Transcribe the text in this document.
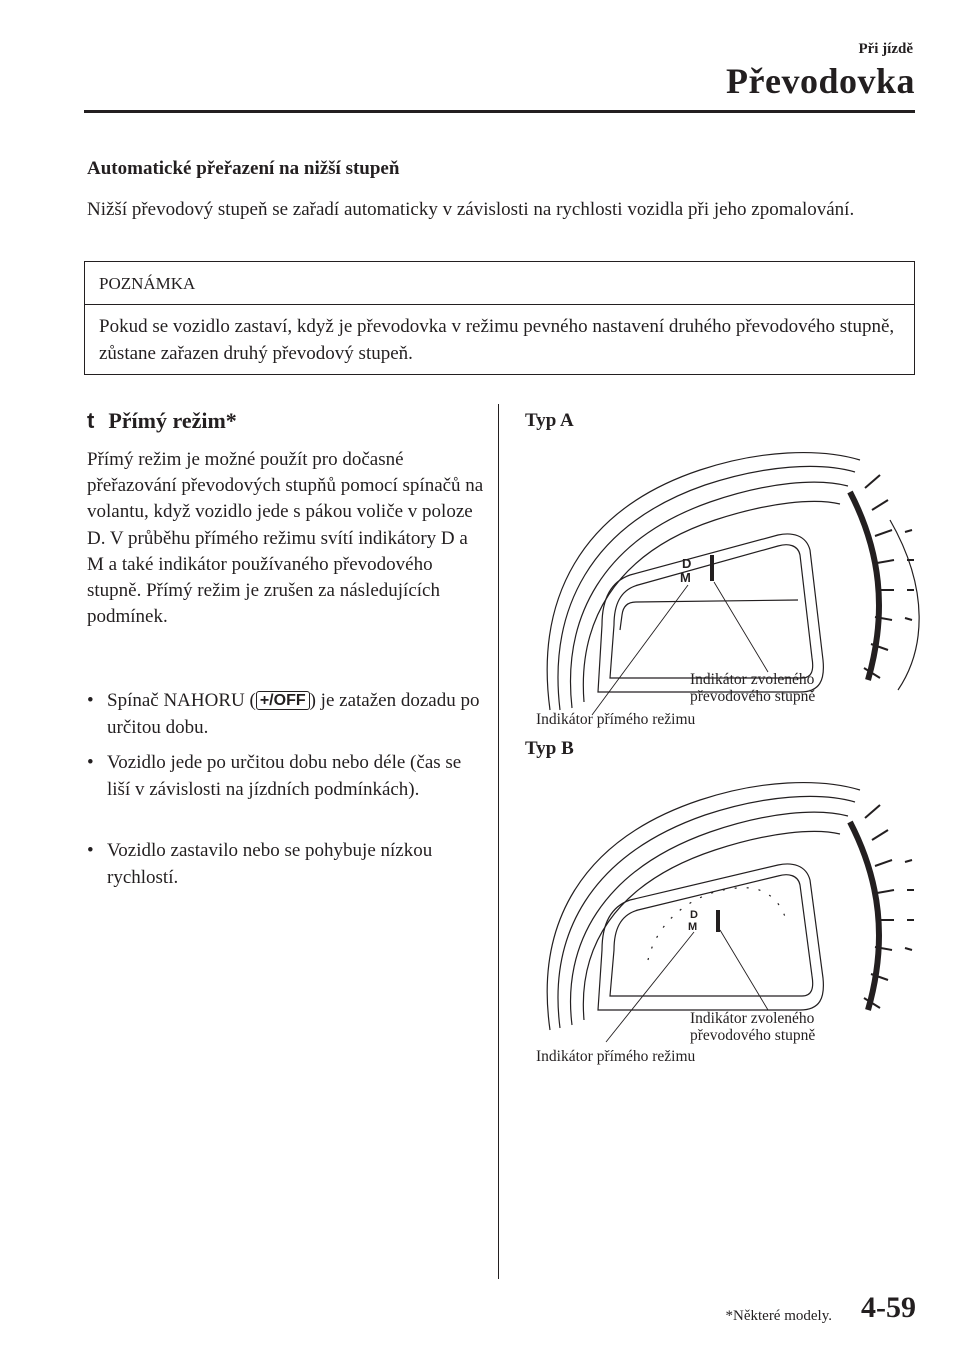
Při jízdě
Převodovka
Automatické přeřazení na nižší stupeň
Nižší převodový stupeň se zařadí automaticky v závislosti na rychlosti vozidla při jeho zpomalování.
POZNÁMKA
Pokud se vozidlo zastaví, když je převodovka v režimu pevného nastavení druhého převodového stupně, zůstane zařazen druhý převodový stupeň.
t Přímý režim*
Přímý režim je možné použít pro dočasné přeřazování převodových stupňů pomocí spínačů na volantu, když vozidlo jede s pákou voliče v poloze D. V průběhu přímého režimu svítí indikátory D a M a také indikátor používaného převodového stupně. Přímý režim je zrušen za následujících podmínek.
• Spínač NAHORU ( +/OFF ) je zatažen dozadu po určitou dobu.
• Vozidlo jede po určitou dobu nebo déle (čas se liší v závislosti na jízdních podmínkách).
• Vozidlo zastavilo nebo se pohybuje nízkou rychlostí.
Typ A
D
M
Indikátor zvoleného převodového stupně
Indikátor přímého režimu
Typ B
D
M
Indikátor zvoleného převodového stupně
Indikátor přímého režimu
*Některé modely. 4-59
